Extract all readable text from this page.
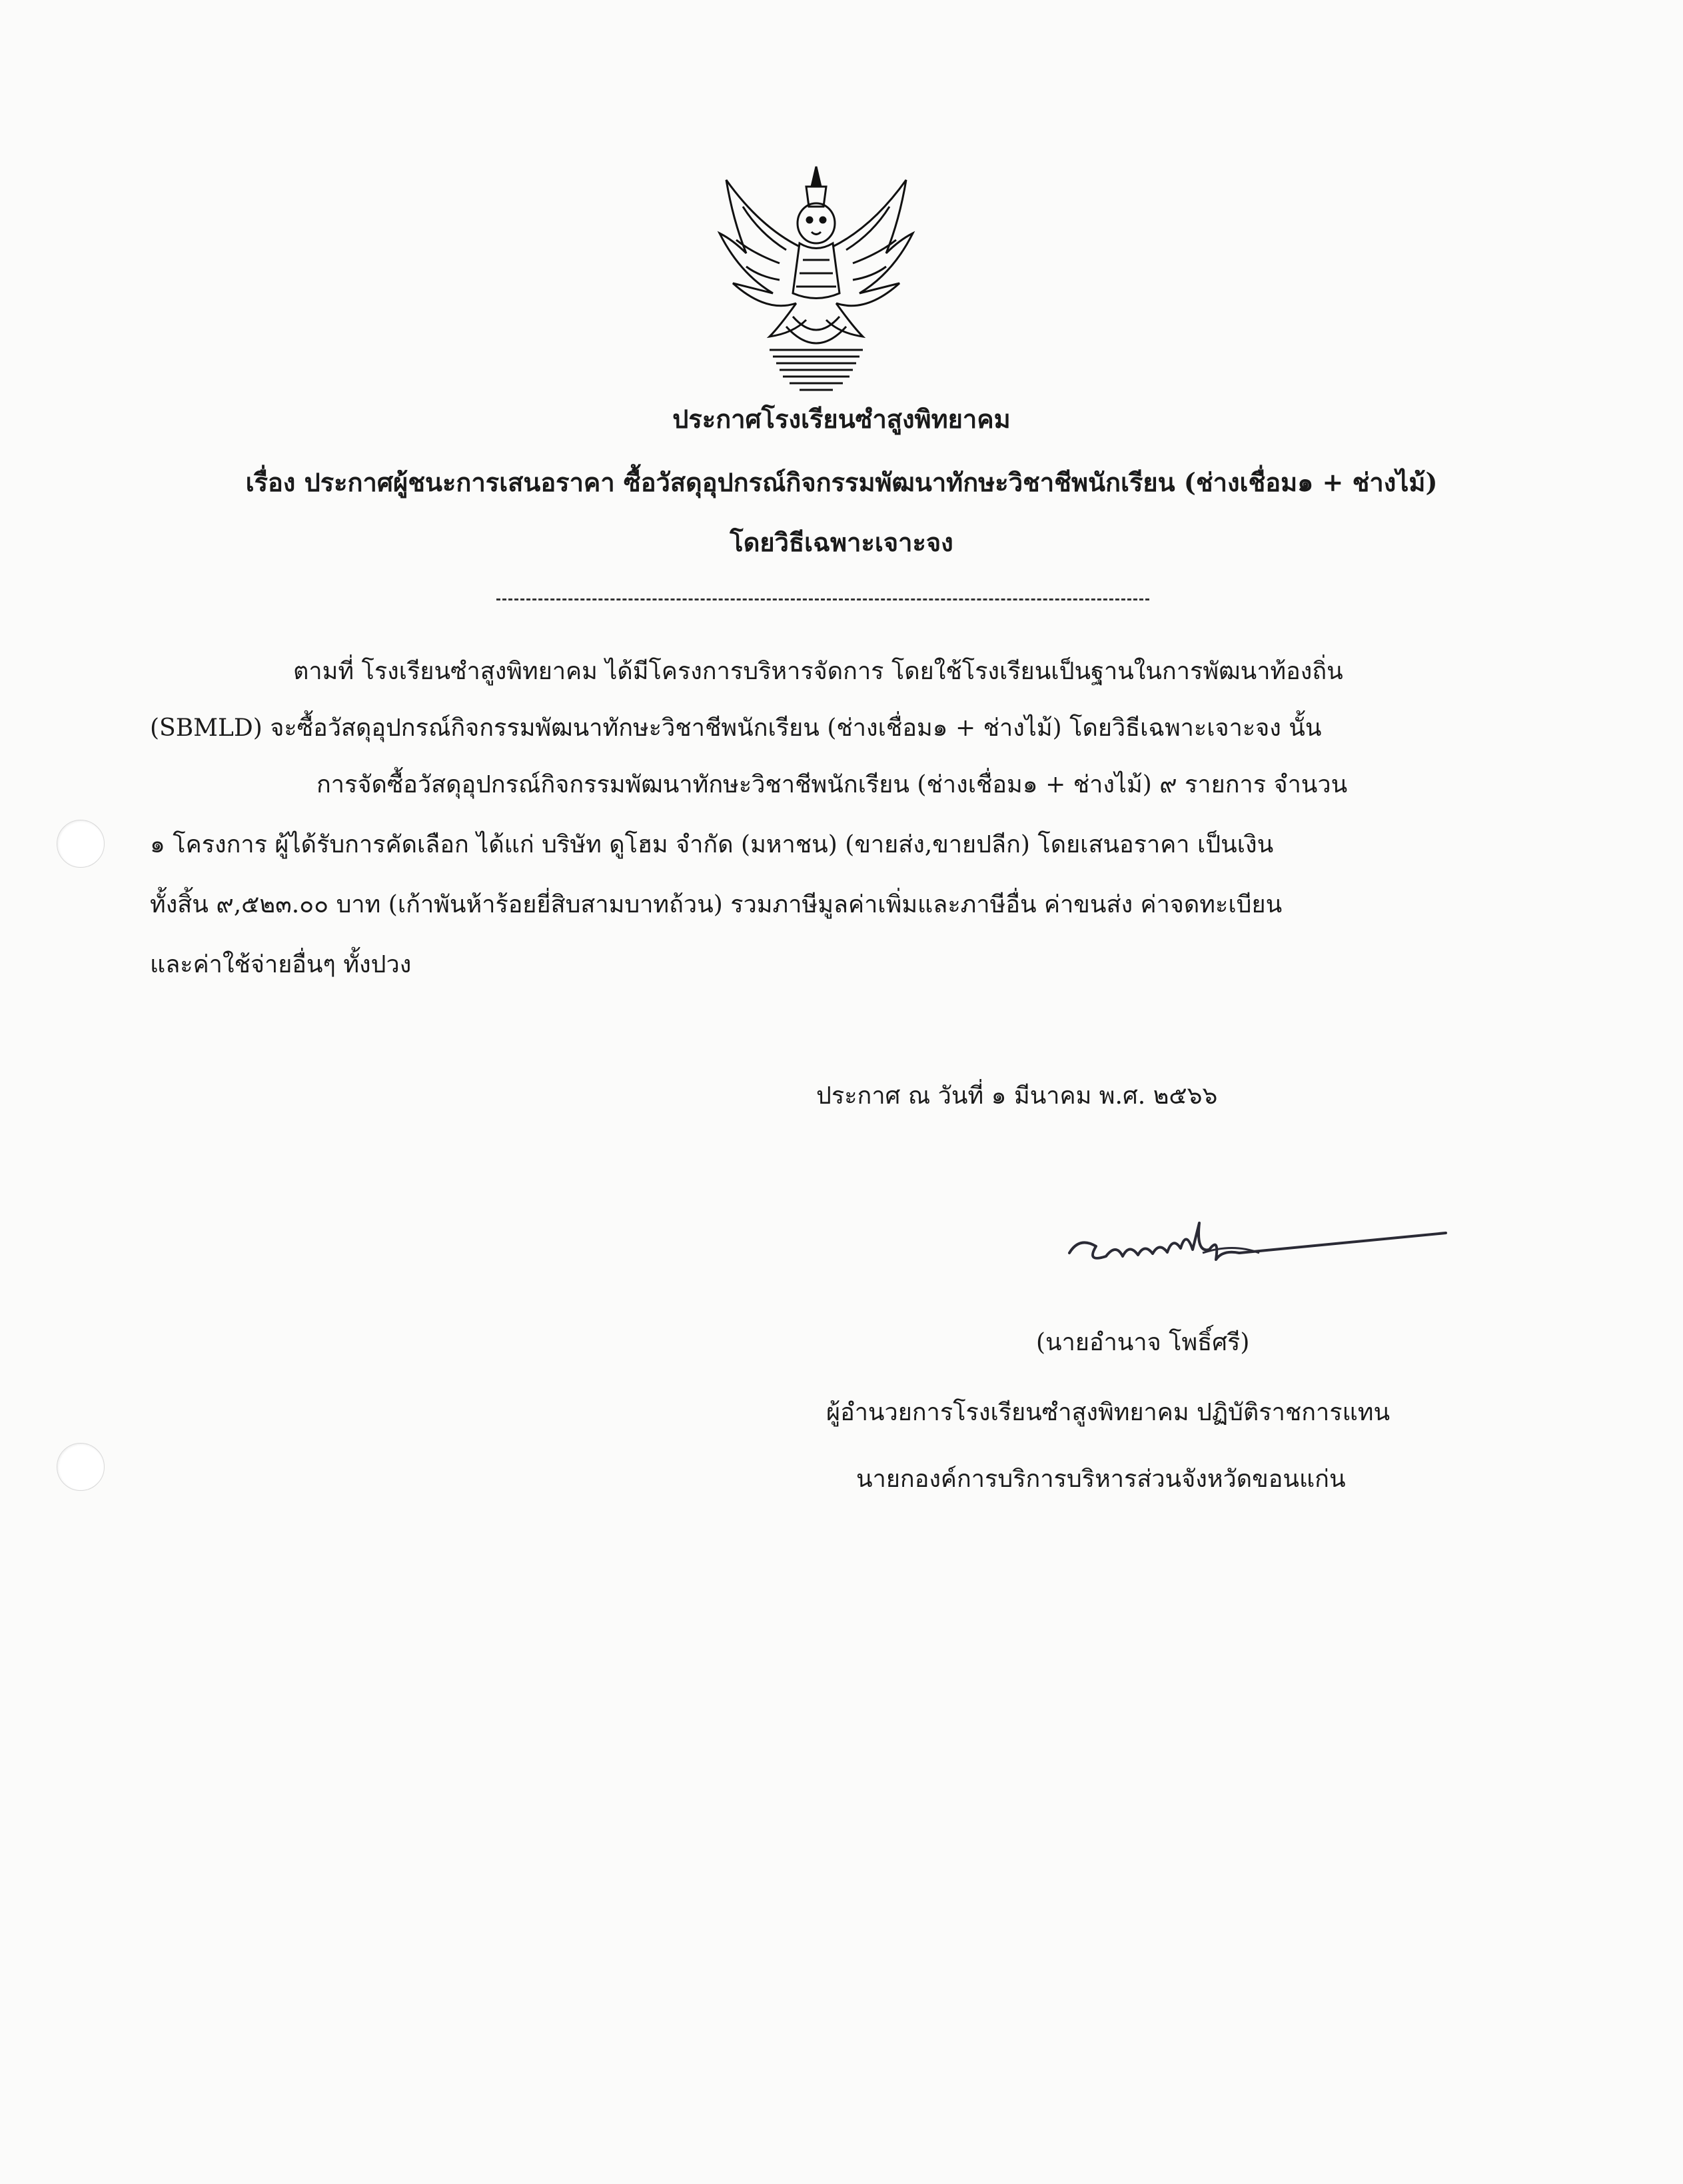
ประกาศโรงเรียนซำสูงพิทยาคม
เรื่อง ประกาศผู้ชนะการเสนอราคา ซื้อวัสดุอุปกรณ์กิจกรรมพัฒนาทักษะวิชาชีพนักเรียน (ช่างเชื่อม๑ + ช่างไม้)
โดยวิธีเฉพาะเจาะจง
ตามที่ โรงเรียนซำสูงพิทยาคม ได้มีโครงการบริหารจัดการ โดยใช้โรงเรียนเป็นฐานในการพัฒนาท้องถิ่น
(SBMLD) จะซื้อวัสดุอุปกรณ์กิจกรรมพัฒนาทักษะวิชาชีพนักเรียน (ช่างเชื่อม๑ + ช่างไม้) โดยวิธีเฉพาะเจาะจง นั้น
การจัดซื้อวัสดุอุปกรณ์กิจกรรมพัฒนาทักษะวิชาชีพนักเรียน (ช่างเชื่อม๑ + ช่างไม้) ๙ รายการ จำนวน
๑ โครงการ ผู้ได้รับการคัดเลือก ได้แก่ บริษัท ดูโฮม จำกัด (มหาชน) (ขายส่ง,ขายปลีก) โดยเสนอราคา เป็นเงิน
ทั้งสิ้น ๙,๕๒๓.๐๐ บาท (เก้าพันห้าร้อยยี่สิบสามบาทถ้วน) รวมภาษีมูลค่าเพิ่มและภาษีอื่น ค่าขนส่ง ค่าจดทะเบียน
และค่าใช้จ่ายอื่นๆ ทั้งปวง
ประกาศ ณ วันที่ ๑ มีนาคม พ.ศ. ๒๕๖๖
(นายอำนาจ โพธิ์ศรี)
ผู้อำนวยการโรงเรียนซำสูงพิทยาคม ปฏิบัติราชการแทน
นายกองค์การบริการบริหารส่วนจังหวัดขอนแก่น
